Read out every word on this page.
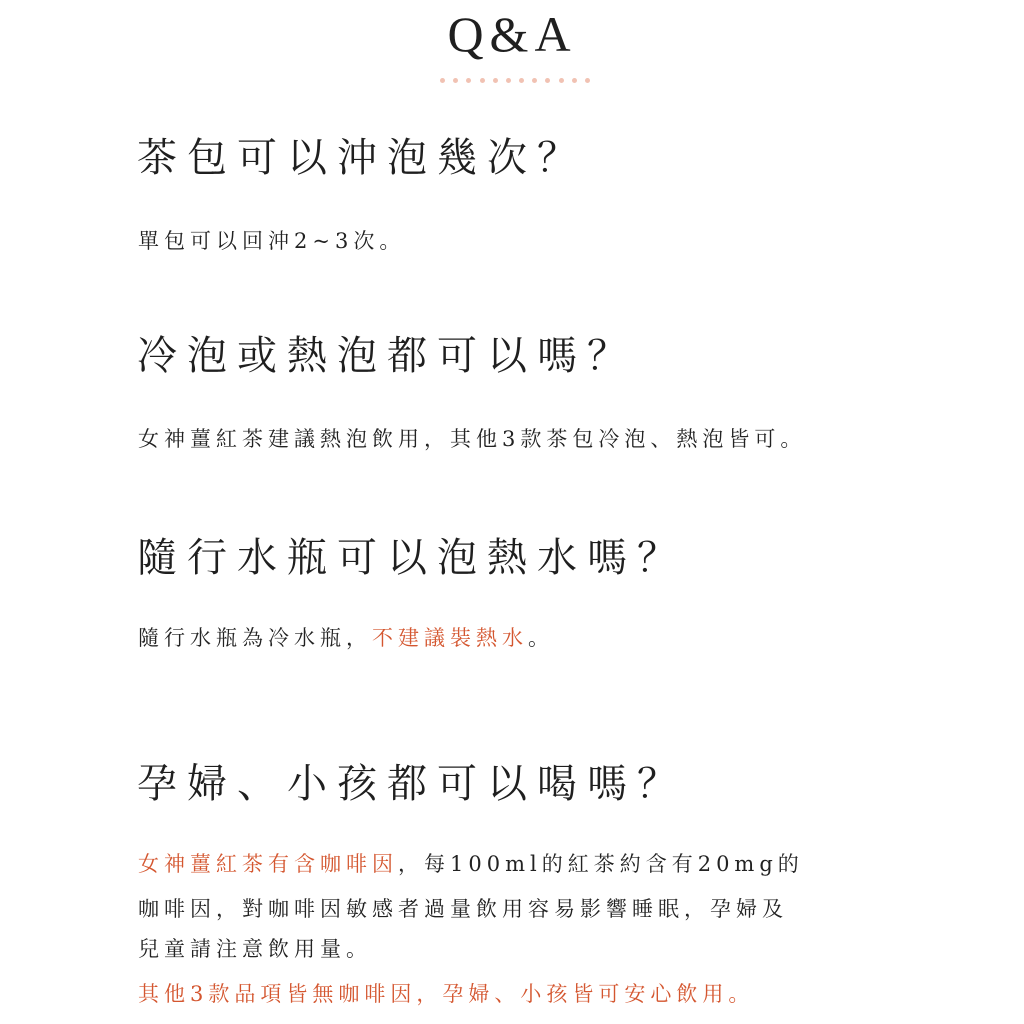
Q&A
茶包可以沖泡幾次？

單包可以回沖2~3次。

冷泡或熱泡都可以嗎？

女神薑紅茶建議熱泡飲用，其他3款茶包冷泡、熱泡皆可。

隨行水瓶可以泡熱水嗎？

隨行水瓶為冷水瓶，不建議裝熱水。

孕婦、小孩都可以喝嗎？

女神薑紅茶有含咖啡因，每100ml的紅茶約含有20mg的

咖啡因，對咖啡因敏感者過量飲用容易影響睡眠，孕婦及

兒童請注意飲用量。

其他3款品項皆無咖啡因，孕婦、小孩皆可安心飲用。
